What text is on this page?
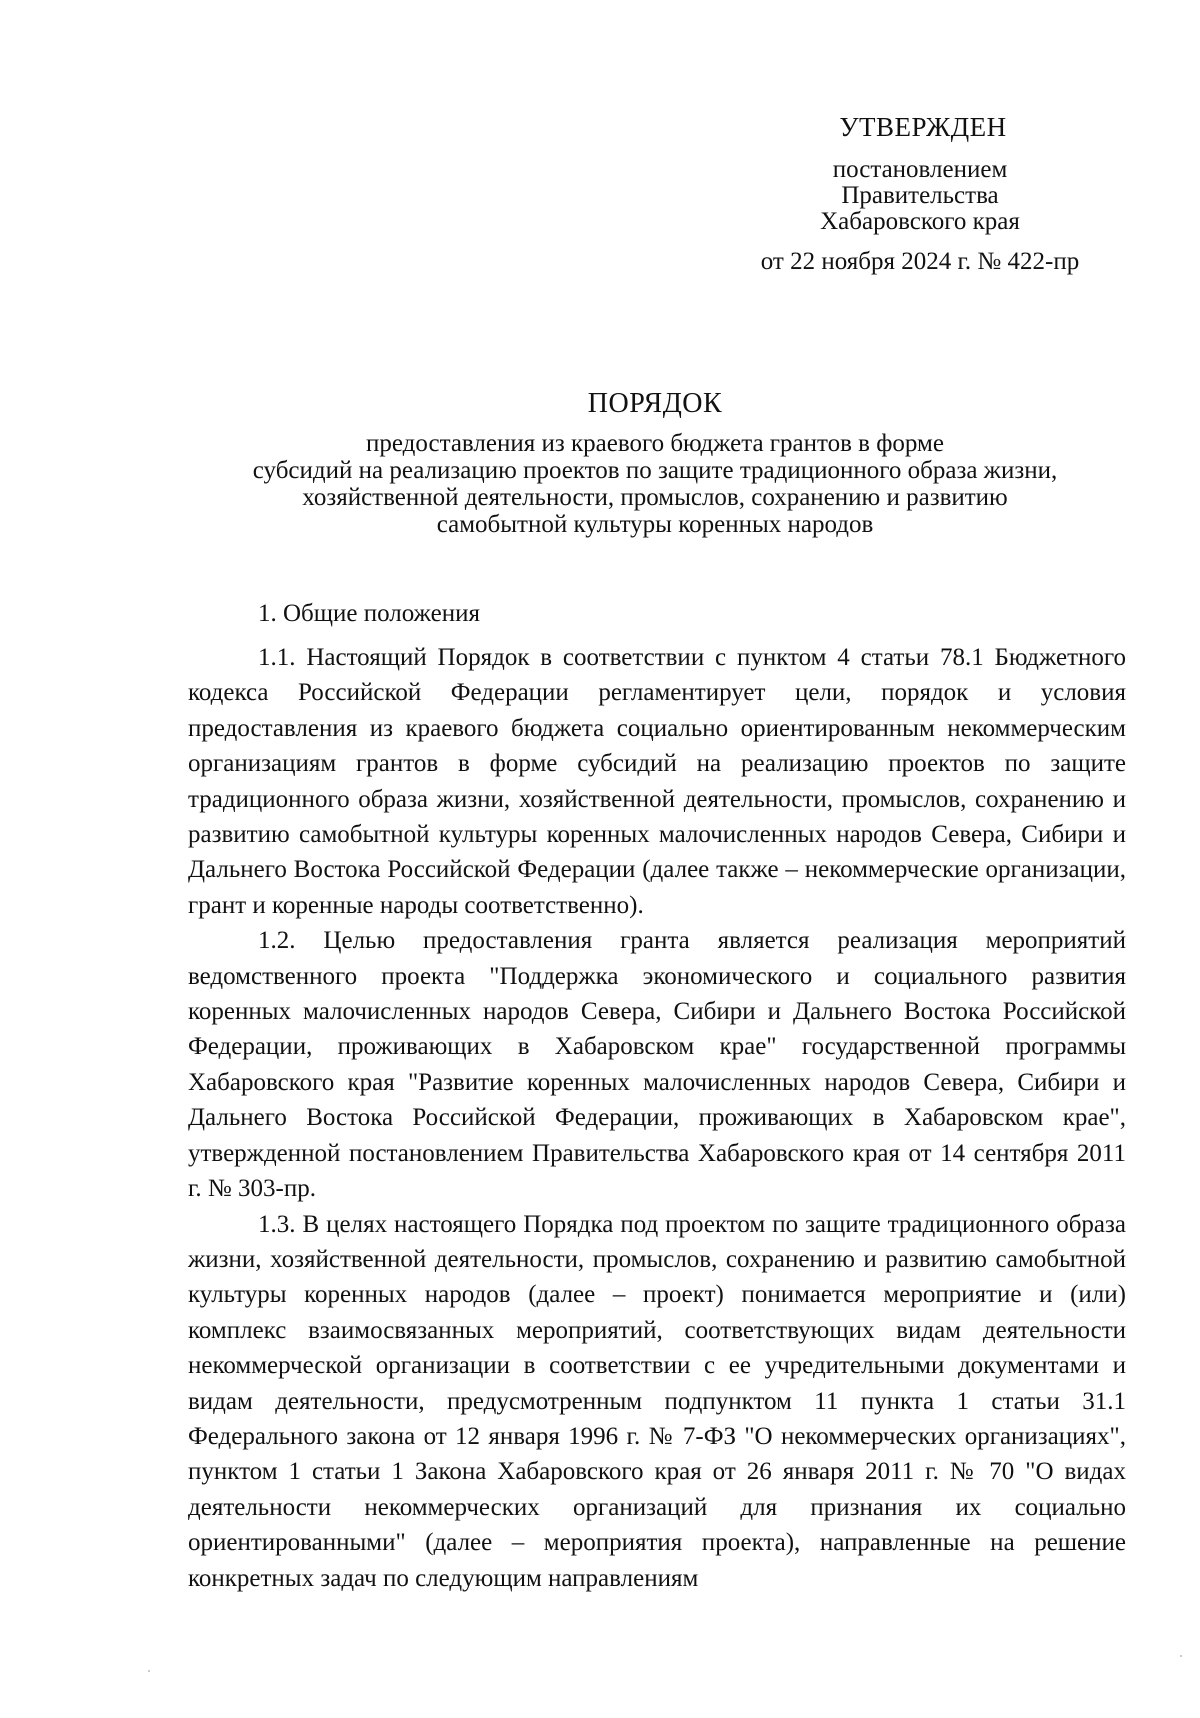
УТВЕРЖДЕН
постановлением
Правительства
Хабаровского края
от 22 ноября 2024 г. № 422-пр
ПОРЯДОК
предоставления из краевого бюджета грантов в форме
субсидий на реализацию проектов по защите традиционного образа жизни,
хозяйственной деятельности, промыслов, сохранению и развитию
самобытной культуры коренных народов
1. Общие положения

1.1. Настоящий Порядок в соответствии с пунктом 4 статьи 78.1 Бюджетного кодекса Российской Федерации регламентирует цели, порядок и условия предоставления из краевого бюджета социально ориентированным некоммерческим организациям грантов в форме субсидий на реализацию проектов по защите традиционного образа жизни, хозяйственной деятельности, промыслов, сохранению и развитию самобытной культуры коренных малочисленных народов Севера, Сибири и Дальнего Востока Российской Федерации (далее также – некоммерческие организации, грант и коренные народы соответственно).

1.2. Целью предоставления гранта является реализация мероприятий ведомственного проекта "Поддержка экономического и социального развития коренных малочисленных народов Севера, Сибири и Дальнего Востока Российской Федерации, проживающих в Хабаровском крае" государственной программы Хабаровского края "Развитие коренных малочисленных народов Севера, Сибири и Дальнего Востока Российской Федерации, проживающих в Хабаровском крае", утвержденной постановлением Правительства Хабаровского края от 14 сентября 2011 г. № 303-пр.

1.3. В целях настоящего Порядка под проектом по защите традиционного образа жизни, хозяйственной деятельности, промыслов, сохранению и развитию самобытной культуры коренных народов (далее – проект) понимается мероприятие и (или) комплекс взаимосвязанных мероприятий, соответствующих видам деятельности некоммерческой организации в соответствии с ее учредительными документами и видам деятельности, предусмотренным подпунктом 11 пункта 1 статьи 31.1 Федерального закона от 12 января 1996 г. № 7-ФЗ "О некоммерческих организациях", пунктом 1 статьи 1 Закона Хабаровского края от 26 января 2011 г. № 70 "О видах деятельности некоммерческих организаций для признания их социально ориентированными" (далее – мероприятия проекта), направленные на решение конкретных задач по следующим направлениям
